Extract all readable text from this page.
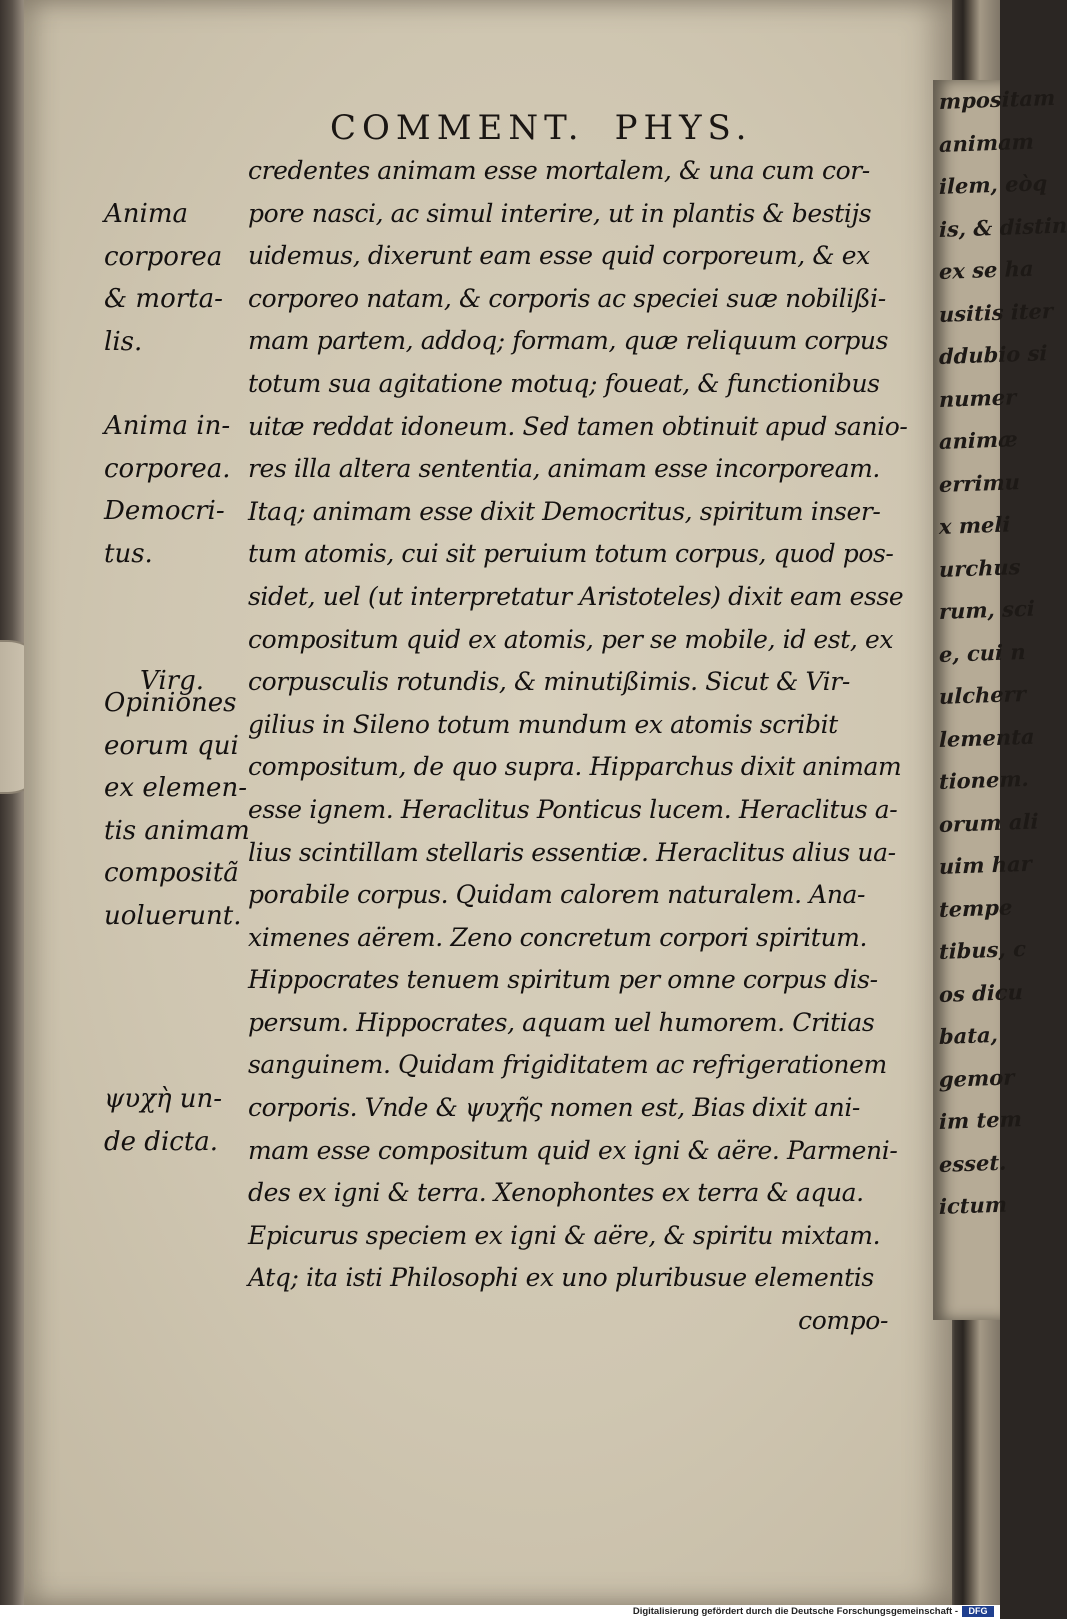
mpositam
animam
ilem, eòq
is, & distin
ex se ha
usitis iter
ddubio si
numer
animæ
errimu
x meli
urchus
rum, sci
e, cui n
ulcherr
lementa
tionem.
orum ali
uim har
tempe
tibus, c
os dicu
bata,
gemor
im tem
esset.
ictum
COMMENT. PHYS.
credentes animam esse mortalem, & una cum cor-
pore nasci, ac simul interire, ut in plantis & bestijs
uidemus, dixerunt eam esse quid corporeum, & ex
corporeo natam, & corporis ac speciei suæ nobilißi-
mam partem, addoq; formam, quæ reliquum corpus
totum sua agitatione motuq; foueat, & functionibus
uitæ reddat idoneum. Sed tamen obtinuit apud sanio-
res illa altera sententia, animam esse incorpoream.
Itaq; animam esse dixit Democritus, spiritum inser-
tum atomis, cui sit peruium totum corpus, quod pos-
sidet, uel (ut interpretatur Aristoteles) dixit eam esse
compositum quid ex atomis, per se mobile, id est, ex
corpusculis rotundis, & minutißimis. Sicut & Vir-
gilius in Sileno totum mundum ex atomis scribit
compositum, de quo supra. Hipparchus dixit animam
esse ignem. Heraclitus Ponticus lucem. Heraclitus a-
lius scintillam stellaris essentiæ. Heraclitus alius ua-
porabile corpus. Quidam calorem naturalem. Ana-
ximenes aërem. Zeno concretum corpori spiritum.
Hippocrates tenuem spiritum per omne corpus dis-
persum. Hippocrates, aquam uel humorem. Critias
sanguinem. Quidam frigiditatem ac refrigerationem
corporis. Vnde & ψυχῆς nomen est, Bias dixit ani-
mam esse compositum quid ex igni & aëre. Parmeni-
des ex igni & terra. Xenophontes ex terra & aqua.
Epicurus speciem ex igni & aëre, & spiritu mixtam.
Atq; ita isti Philosophi ex uno pluribusue elementis
compo-
Anima
corporea
& morta-
lis.
Anima in-
corporea.
Democri-
tus.
Virg.
Opiniones
eorum qui
ex elemen-
tis animam
compositã
uoluerunt.
ψυχὴ un-
de dicta.
Digitalisierung gefördert durch die Deutsche Forschungsgemeinschaft -	DFG
